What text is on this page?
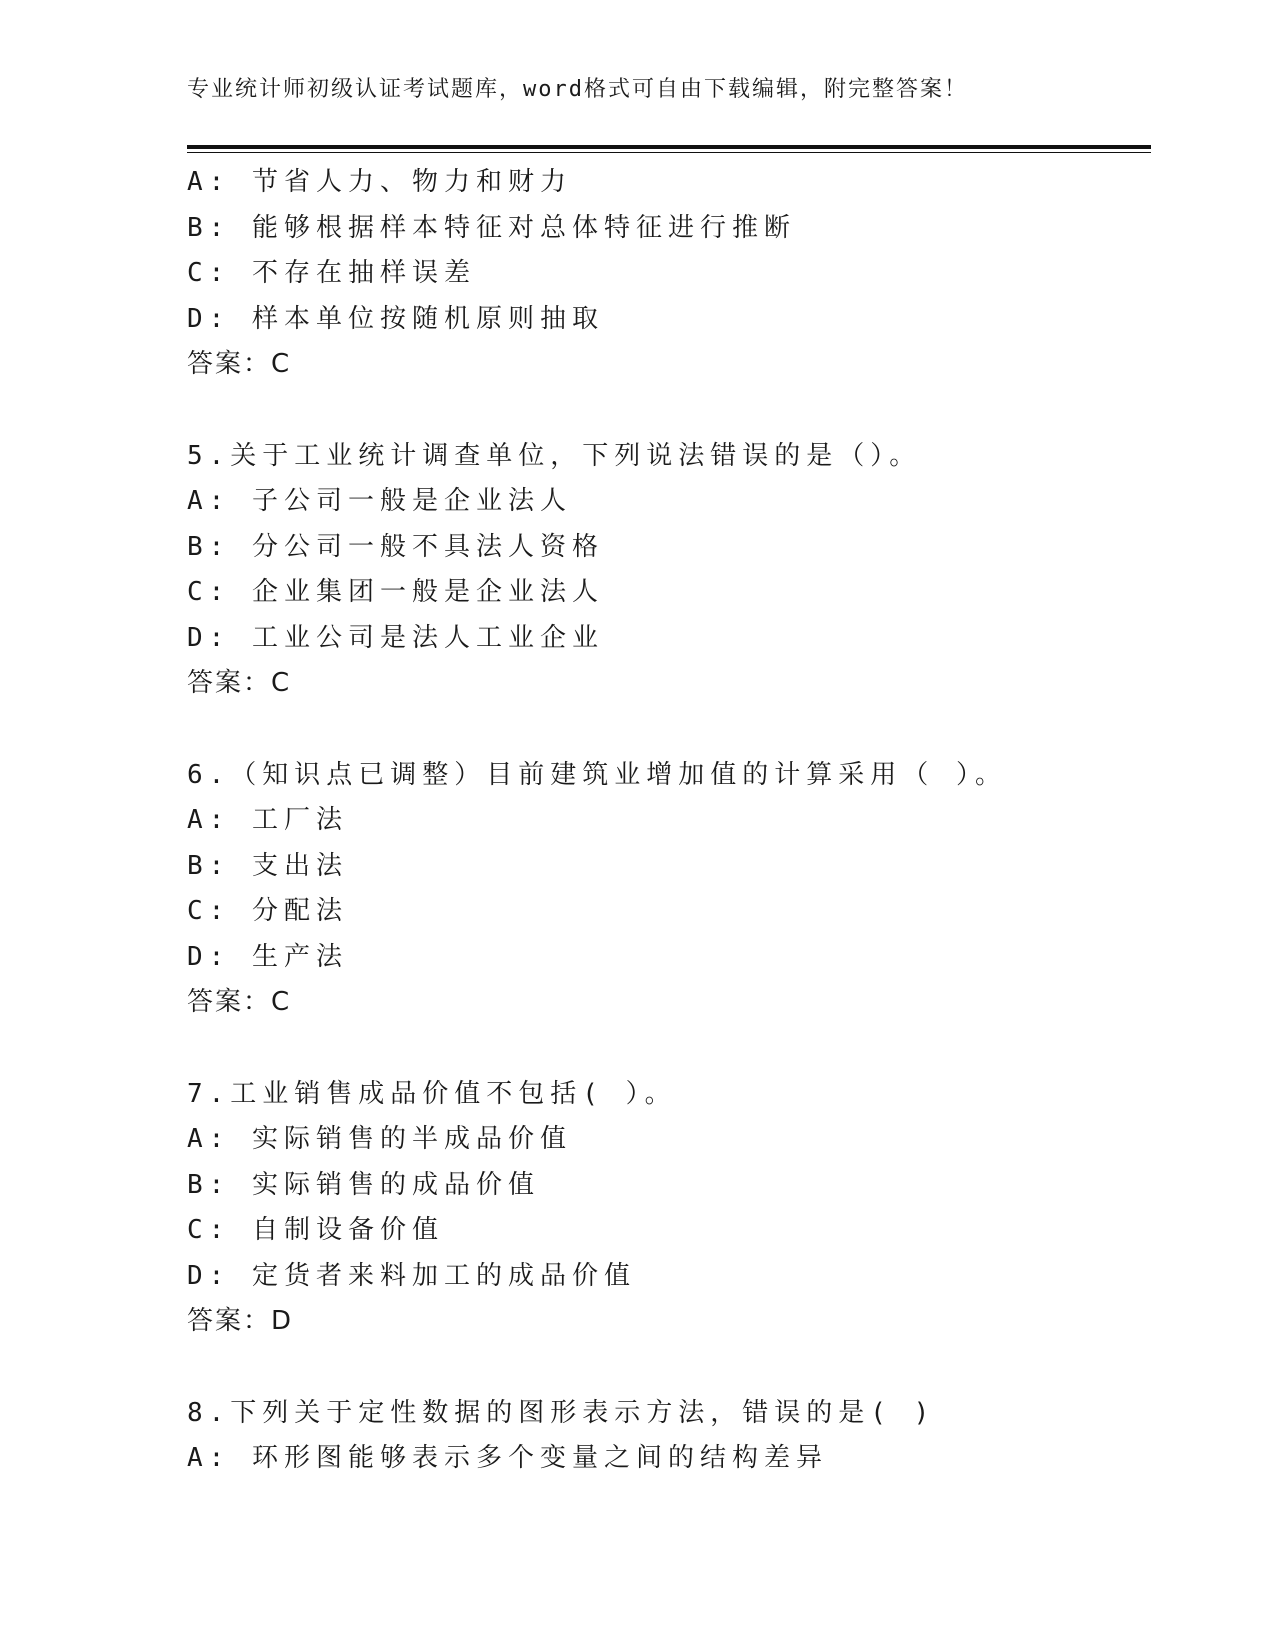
专业统计师初级认证考试题库，word格式可自由下载编辑，附完整答案！
A: 节省人力、物力和财力
B: 能够根据样本特征对总体特征进行推断
C: 不存在抽样误差
D: 样本单位按随机原则抽取
答案：C
5.关于工业统计调查单位，下列说法错误的是（）。
A: 子公司一般是企业法人
B: 分公司一般不具法人资格
C: 企业集团一般是企业法人
D: 工业公司是法人工业企业
答案：C
6.（知识点已调整）目前建筑业增加值的计算采用（ ）。
A: 工厂法
B: 支出法
C: 分配法
D: 生产法
答案：C
7.工业销售成品价值不包括( ）。
A: 实际销售的半成品价值
B: 实际销售的成品价值
C: 自制设备价值
D: 定货者来料加工的成品价值
答案：D
8.下列关于定性数据的图形表示方法，错误的是( )
A: 环形图能够表示多个变量之间的结构差异
